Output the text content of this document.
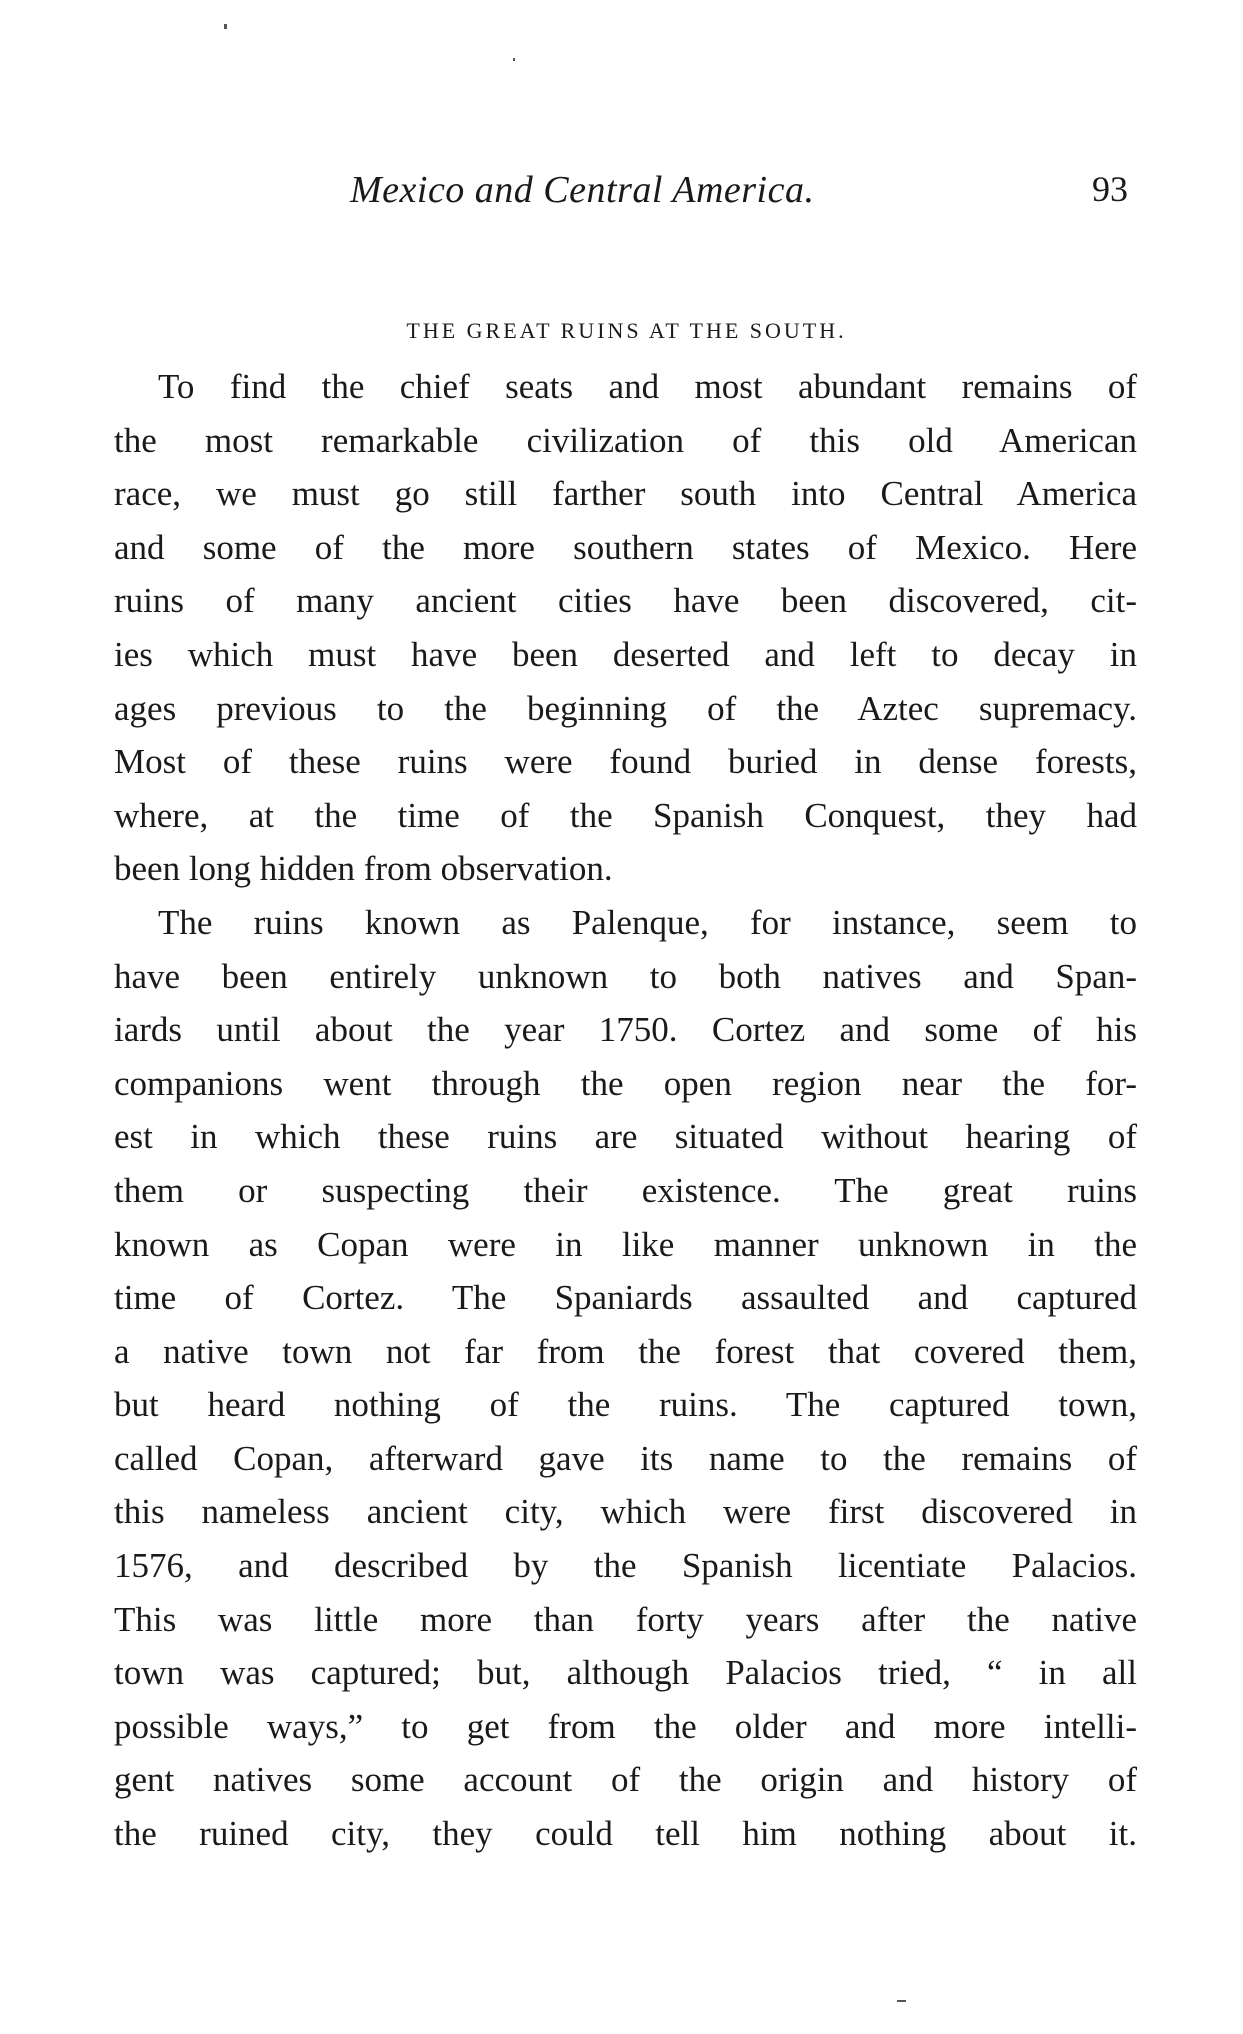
Mexico and Central America.	93
THE GREAT RUINS AT THE SOUTH.
To find the chief seats and most abundant remains of
the most remarkable civilization of this old American
race, we must go still farther south into Central America
and some of the more southern states of Mexico. Here
ruins of many ancient cities have been discovered, cit-
ies which must have been deserted and left to decay in
ages previous to the beginning of the Aztec supremacy.
Most of these ruins were found buried in dense forests,
where, at the time of the Spanish Conquest, they had
been long hidden from observation.
The ruins known as Palenque, for instance, seem to
have been entirely unknown to both natives and Span-
iards until about the year 1750. Cortez and some of his
companions went through the open region near the for-
est in which these ruins are situated without hearing of
them or suspecting their existence. The great ruins
known as Copan were in like manner unknown in the
time of Cortez. The Spaniards assaulted and captured
a native town not far from the forest that covered them,
but heard nothing of the ruins. The captured town,
called Copan, afterward gave its name to the remains of
this nameless ancient city, which were first discovered in
1576, and described by the Spanish licentiate Palacios.
This was little more than forty years after the native
town was captured; but, although Palacios tried, “ in all
possible ways,” to get from the older and more intelli-
gent natives some account of the origin and history of
the ruined city, they could tell him nothing about it.
